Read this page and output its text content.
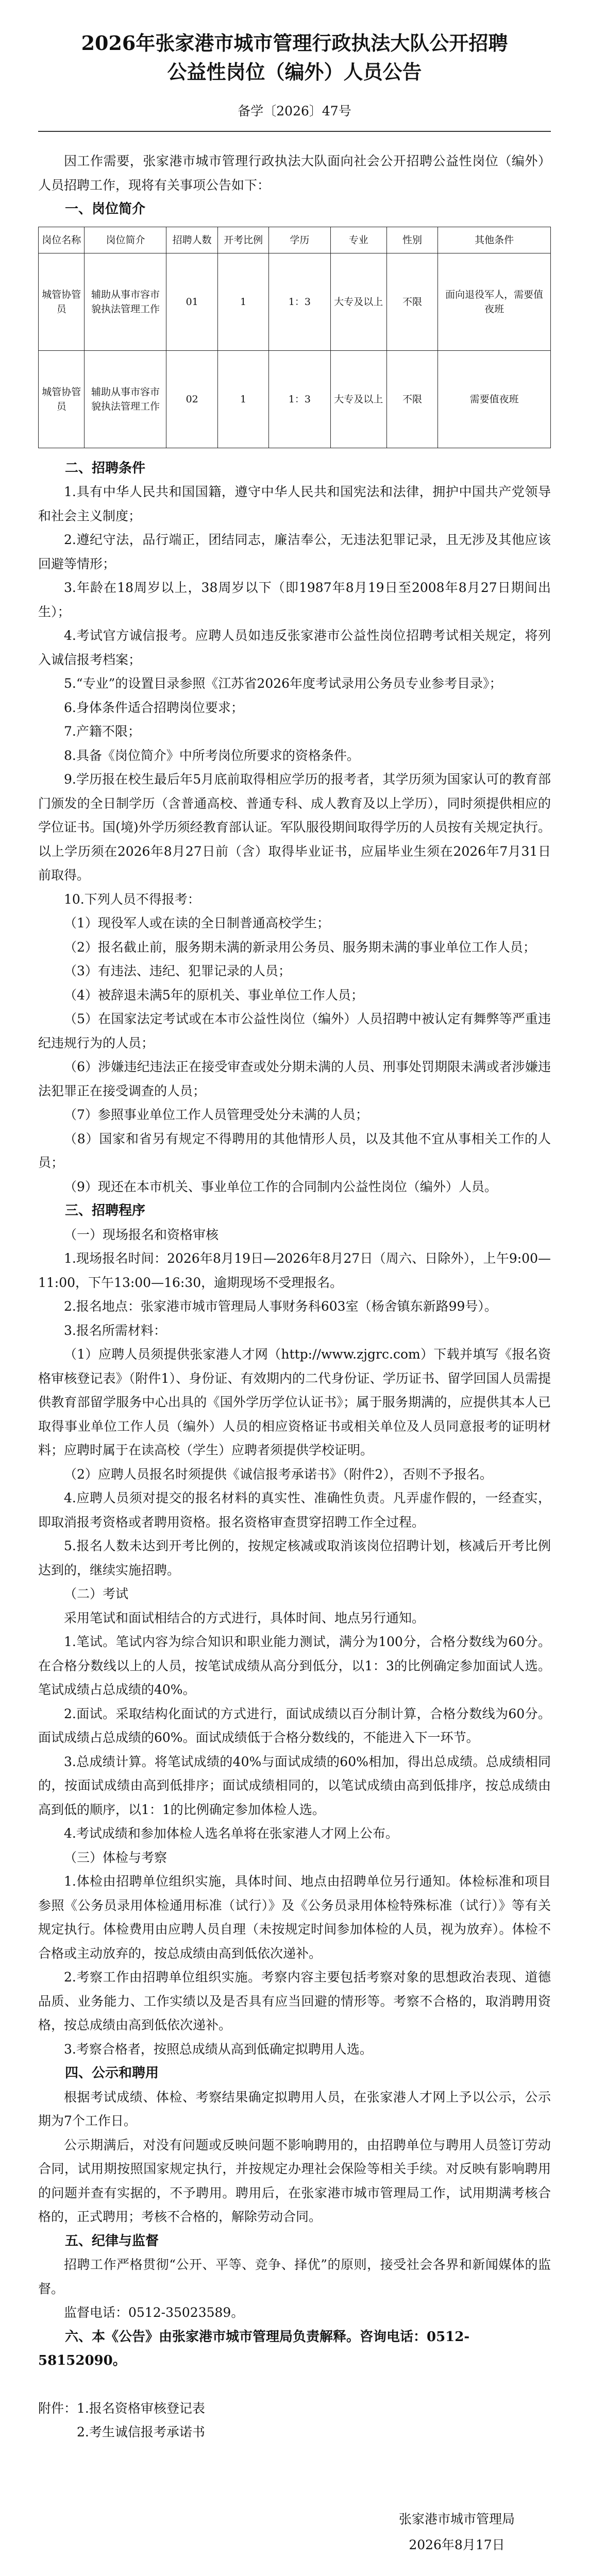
2026年张家港市城市管理行政执法大队公开招聘
公益性岗位（编外）人员公告
备学〔2026〕47号

因工作需要，张家港市城市管理行政执法大队面向社会公开招聘公益性岗位（编外）人员招聘工作，现将有关事项公告如下：

一、岗位简介
岗位名称	岗位简介	招聘人数	开考比例	学历	专业	性别	其他条件
城管协管员	辅助从事市容市貌执法管理工作	01	1	1：3	大专及以上	不限	面向退役军人，需要值夜班
城管协管员	辅助从事市容市貌执法管理工作	02	1	1：3	大专及以上	不限	需要值夜班
二、招聘条件

1.具有中华人民共和国国籍，遵守中华人民共和国宪法和法律，拥护中国共产党领导和社会主义制度；

2.遵纪守法，品行端正，团结同志，廉洁奉公，无违法犯罪记录，且无涉及其他应该回避等情形；

3.年龄在18周岁以上，38周岁以下（即1987年8月19日至2008年8月27日期间出生）；

4.考试官方诚信报考。应聘人员如违反张家港市公益性岗位招聘考试相关规定，将列入诚信报考档案；

5.“专业”的设置目录参照《江苏省2026年度考试录用公务员专业参考目录》；

6.身体条件适合招聘岗位要求；

7.产籍不限；

8.具备《岗位简介》中所考岗位所要求的资格条件。

9.学历报在校生最后年5月底前取得相应学历的报考者，其学历须为国家认可的教育部门颁发的全日制学历（含普通高校、普通专科、成人教育及以上学历），同时须提供相应的学位证书。国(境)外学历须经教育部认证。军队服役期间取得学历的人员按有关规定执行。以上学历须在2026年8月27日前（含）取得毕业证书，应届毕业生须在2026年7月31日前取得。

10.下列人员不得报考：

（1）现役军人或在读的全日制普通高校学生；

（2）报名截止前，服务期未满的新录用公务员、服务期未满的事业单位工作人员；

（3）有违法、违纪、犯罪记录的人员；

（4）被辞退未满5年的原机关、事业单位工作人员；

（5）在国家法定考试或在本市公益性岗位（编外）人员招聘中被认定有舞弊等严重违纪违规行为的人员；

（6）涉嫌违纪违法正在接受审查或处分期未满的人员、刑事处罚期限未满或者涉嫌违法犯罪正在接受调查的人员；

（7）参照事业单位工作人员管理受处分未满的人员；

（8）国家和省另有规定不得聘用的其他情形人员，以及其他不宜从事相关工作的人员；

（9）现还在本市机关、事业单位工作的合同制内公益性岗位（编外）人员。

三、招聘程序
（一）现场报名和资格审核

1.现场报名时间：2026年8月19日—2026年8月27日（周六、日除外），上午9:00—11:00，下午13:00—16:30，逾期现场不受理报名。

2.报名地点：张家港市城市管理局人事财务科603室（杨舍镇东新路99号）。

3.报名所需材料：

（1）应聘人员须提供张家港人才网（http://www.zjgrc.com）下载并填写《报名资格审核登记表》（附件1）、身份证、有效期内的二代身份证、学历证书、留学回国人员需提供教育部留学服务中心出具的《国外学历学位认证书》；属于服务期满的，应提供其本人已取得事业单位工作人员（编外）人员的相应资格证书或相关单位及人员同意报考的证明材料；应聘时属于在读高校（学生）应聘者须提供学校证明。

（2）应聘人员报名时须提供《诚信报考承诺书》（附件2），否则不予报名。

4.应聘人员须对提交的报名材料的真实性、准确性负责。凡弄虚作假的，一经查实，即取消报考资格或者聘用资格。报名资格审查贯穿招聘工作全过程。

5.报名人数未达到开考比例的，按规定核减或取消该岗位招聘计划，核减后开考比例达到的，继续实施招聘。

（二）考试

采用笔试和面试相结合的方式进行，具体时间、地点另行通知。

1.笔试。笔试内容为综合知识和职业能力测试，满分为100分，合格分数线为60分。在合格分数线以上的人员，按笔试成绩从高分到低分，以1：3的比例确定参加面试人选。笔试成绩占总成绩的40%。

2.面试。采取结构化面试的方式进行，面试成绩以百分制计算，合格分数线为60分。面试成绩占总成绩的60%。面试成绩低于合格分数线的，不能进入下一环节。

3.总成绩计算。将笔试成绩的40%与面试成绩的60%相加，得出总成绩。总成绩相同的，按面试成绩由高到低排序；面试成绩相同的，以笔试成绩由高到低排序，按总成绩由高到低的顺序，以1：1的比例确定参加体检人选。

4.考试成绩和参加体检人选名单将在张家港人才网上公布。

（三）体检与考察

1.体检由招聘单位组织实施，具体时间、地点由招聘单位另行通知。体检标准和项目参照《公务员录用体检通用标准（试行）》及《公务员录用体检特殊标准（试行）》等有关规定执行。体检费用由应聘人员自理（未按规定时间参加体检的人员，视为放弃）。体检不合格或主动放弃的，按总成绩由高到低依次递补。

2.考察工作由招聘单位组织实施。考察内容主要包括考察对象的思想政治表现、道德品质、业务能力、工作实绩以及是否具有应当回避的情形等。考察不合格的，取消聘用资格，按总成绩由高到低依次递补。

3.考察合格者，按照总成绩从高到低确定拟聘用人选。

四、公示和聘用

根据考试成绩、体检、考察结果确定拟聘用人员，在张家港人才网上予以公示，公示期为7个工作日。

公示期满后，对没有问题或反映问题不影响聘用的，由招聘单位与聘用人员签订劳动合同，试用期按照国家规定执行，并按规定办理社会保险等相关手续。对反映有影响聘用的问题并查有实据的，不予聘用。聘用后，在张家港市城市管理局工作，试用期满考核合格的，正式聘用；考核不合格的，解除劳动合同。

五、纪律与监督

招聘工作严格贯彻“公开、平等、竞争、择优”的原则，接受社会各界和新闻媒体的监督。

监督电话：0512-35023589。

六、本《公告》由张家港市城市管理局负责解释。咨询电话：0512-58152090。

附件：1.报名资格审核登记表

2.考生诚信报考承诺书

张家港市城市管理局
2026年8月17日
